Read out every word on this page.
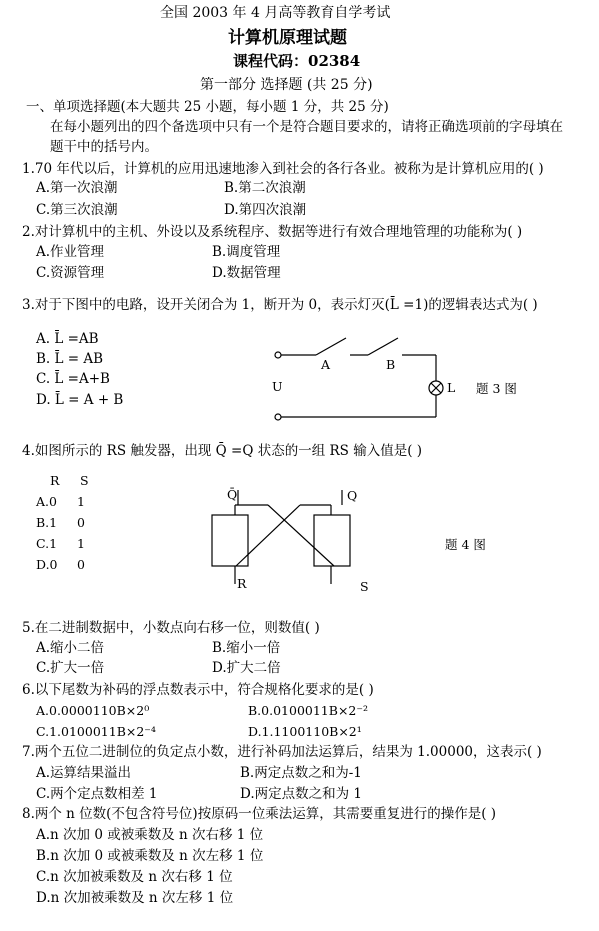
全国 2003 年 4 月高等教育自学考试
计算机原理试题
课程代码：02384
第一部分 选择题 (共 25 分)
一、单项选择题(本大题共 25 小题，每小题 1 分，共 25 分)
在每小题列出的四个备选项中只有一个是符合题目要求的，请将正确选项前的字母填在
题干中的括号内。
1.70 年代以后，计算机的应用迅速地渗入到社会的各行各业。被称为是计算机应用的( )
A.第一次浪潮	B.第二次浪潮
C.第三次浪潮	D.第四次浪潮
2.对计算机中的主机、外设以及系统程序、数据等进行有效合理地管理的功能称为( )
A.作业管理	B.调度管理
C.资源管理	D.数据管理
3.对于下图中的电路，设开关闭合为 1，断开为 0，表示灯灭(L̄ =1)的逻辑表达式为( )
A. L̄ =AB
B. L̄ = AB
C. L̄ =A+B
D. L̄ = A + B
A	B
U	L 题 3 图
4.如图所示的 RS 触发器，出现 Q̄ =Q 状态的一组 RS 输入值是( )
R S
A.0 1
B.1 0
C.1 1
D.0 0
Q̄	Q
R	S
题 4 图
5.在二进制数据中，小数点向右移一位，则数值( )
A.缩小二倍	B.缩小一倍
C.扩大一倍	D.扩大二倍
6.以下尾数为补码的浮点数表示中，符合规格化要求的是( )
A.0.0000110B×2⁰	B.0.0100011B×2⁻²
C.1.0100011B×2⁻⁴	D.1.1100110B×2¹
7.两个五位二进制位的负定点小数，进行补码加法运算后，结果为 1.00000，这表示( )
A.运算结果溢出	B.两定点数之和为-1
C.两个定点数相差 1	D.两定点数之和为 1
8.两个 n 位数(不包含符号位)按原码一位乘法运算，其需要重复进行的操作是( )
A.n 次加 0 或被乘数及 n 次右移 1 位
B.n 次加 0 或被乘数及 n 次左移 1 位
C.n 次加被乘数及 n 次右移 1 位
D.n 次加被乘数及 n 次左移 1 位
